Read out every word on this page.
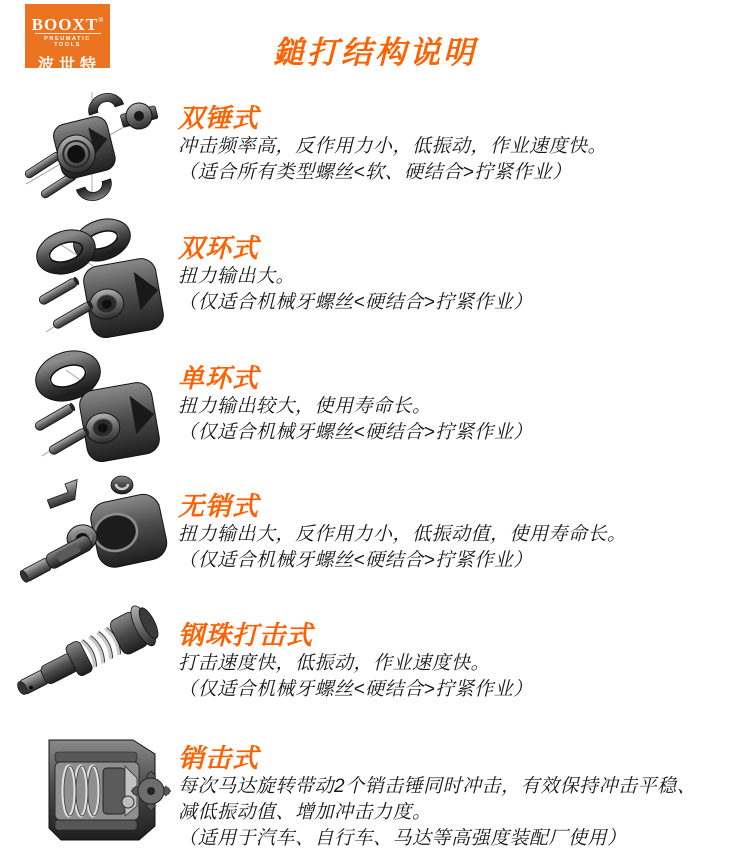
BOOXT®
PNEUMATIC TOOLS
波世特	鎚打结构说明
双锤式
冲击频率高，反作用力小，低振动，作业速度快。
（适合所有类型螺丝<软、硬结合>拧紧作业）
双环式
扭力输出大。
（仅适合机械牙螺丝<硬结合>拧紧作业）
单环式
扭力输出较大，使用寿命长。
（仅适合机械牙螺丝<硬结合>拧紧作业）
无销式
扭力输出大，反作用力小，低振动值，使用寿命长。
（仅适合机械牙螺丝<硬结合>拧紧作业）
钢珠打击式
打击速度快，低振动，作业速度快。
（仅适合机械牙螺丝<硬结合>拧紧作业）
销击式
每次马达旋转带动2个销击锤同时冲击，有效保持冲击平稳、
减低振动值、增加冲击力度。
（适用于汽车、自行车、马达等高强度装配厂使用）
